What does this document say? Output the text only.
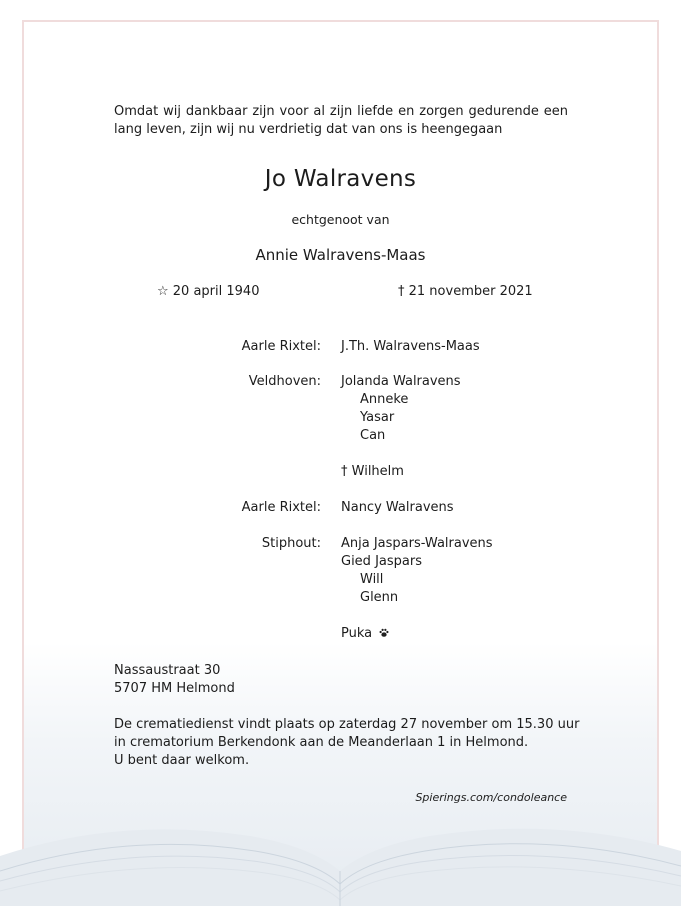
Omdat wij dankbaar zijn voor al zijn liefde en zorgen gedurende een lang leven, zijn wij nu verdrietig dat van ons is heengegaan
Jo Walravens
echtgenoot van
Annie Walravens-Maas
☆ 20 april 1940	† 21 november 2021
Aarle Rixtel: J.Th. Walravens-Maas
Veldhoven: Jolanda Walravens
Anneke
Yasar
Can
† Wilhelm
Aarle Rixtel: Nancy Walravens
Stiphout: Anja Jaspars-Walravens
Gied Jaspars
Will
Glenn
Puka
Nassaustraat 30
5707 HM Helmond
De crematiedienst vindt plaats op zaterdag 27 november om 15.30 uur
in crematorium Berkendonk aan de Meanderlaan 1 in Helmond.
U bent daar welkom.
Spierings.com/condoleance
